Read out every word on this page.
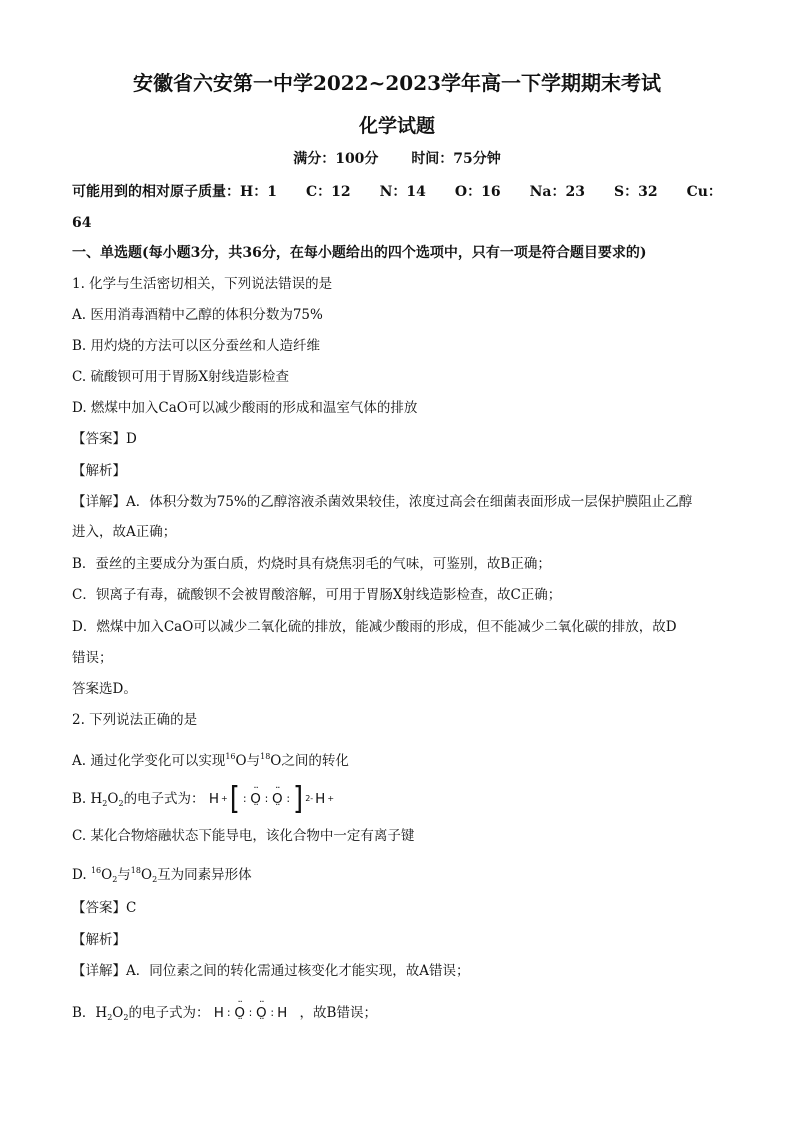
安徽省六安第一中学2022~2023学年高一下学期期末考试
化学试题
满分：100分 时间：75分钟
可能用到的相对原子质量：H：1 C：12 N：14 O：16 Na：23 S：32 Cu：
64
一、单选题(每小题3分，共36分，在每小题给出的四个选项中，只有一项是符合题目要求的)
1. 化学与生活密切相关，下列说法错误的是
A. 医用消毒酒精中乙醇的体积分数为75%
B. 用灼烧的方法可以区分蚕丝和人造纤维
C. 硫酸钡可用于胃肠X射线造影检查
D. 燃煤中加入CaO可以减少酸雨的形成和温室气体的排放
【答案】D
【解析】
【详解】A．体积分数为75%的乙醇溶液杀菌效果较佳，浓度过高会在细菌表面形成一层保护膜阻止乙醇
进入，故A正确；
B．蚕丝的主要成分为蛋白质，灼烧时具有烧焦羽毛的气味，可鉴别，故B正确；
C．钡离子有毒，硫酸钡不会被胃酸溶解，可用于胃肠X射线造影检查，故C正确；
D．燃煤中加入CaO可以减少二氧化硫的排放，能减少酸雨的形成，但不能减少二氧化碳的排放，故D
错误；
答案选D。
2. 下列说法正确的是
A. 通过化学变化可以实现$^{16}$O与$^{18}$O之间的转化
B. $H_2O_2$的电子式为： H + [ : ·· O ·· : ·· O ·· : ] 2- H +
C. 某化合物熔融状态下能导电，该化合物中一定有离子键
D. $^{16}O_2$与$^{18}O_2$互为同素异形体
【答案】C
【解析】
【详解】A．同位素之间的转化需通过核变化才能实现，故A错误；
B．$H_2O_2$的电子式为： H : ·· O ·· : ·· O ·· : H ，故B错误；
